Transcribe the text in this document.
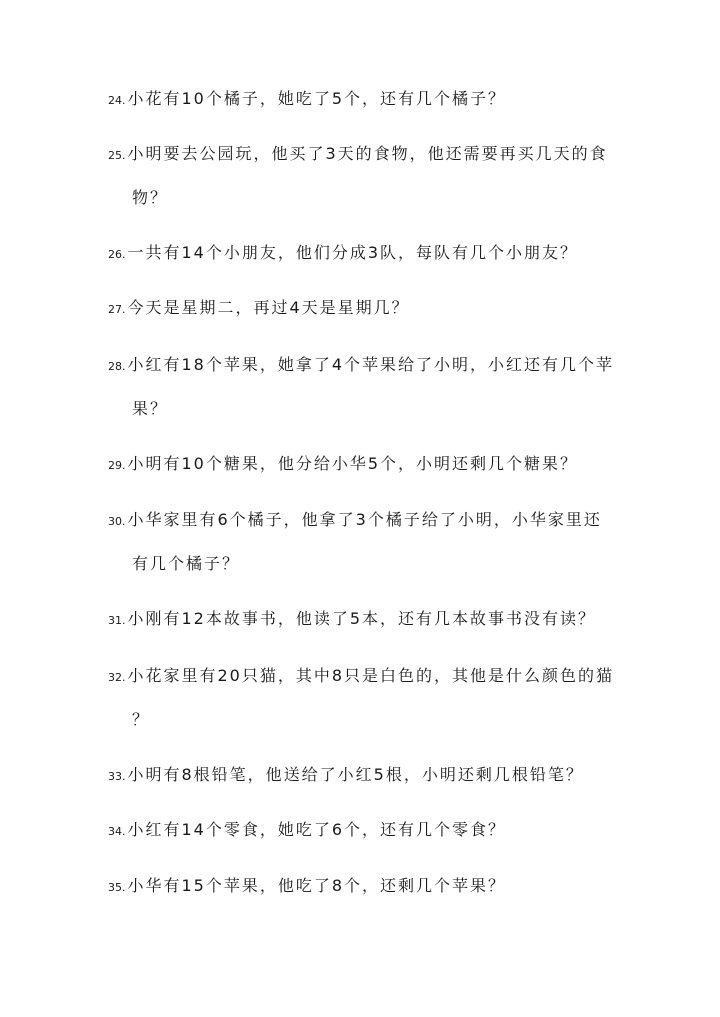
24. 小花有10个橘子，她吃了5个，还有几个橘子？
25. 小明要去公园玩，他买了3天的食物，他还需要再买几天的食
物？
26. 一共有14个小朋友，他们分成3队，每队有几个小朋友？
27. 今天是星期二，再过4天是星期几？
28. 小红有18个苹果，她拿了4个苹果给了小明，小红还有几个苹
果？
29. 小明有10个糖果，他分给小华5个，小明还剩几个糖果？
30. 小华家里有6个橘子，他拿了3个橘子给了小明，小华家里还
有几个橘子？
31. 小刚有12本故事书，他读了5本，还有几本故事书没有读？
32. 小花家里有20只猫，其中8只是白色的，其他是什么颜色的猫
？
33. 小明有8根铅笔，他送给了小红5根，小明还剩几根铅笔？
34. 小红有14个零食，她吃了6个，还有几个零食？
35. 小华有15个苹果，他吃了8个，还剩几个苹果？
